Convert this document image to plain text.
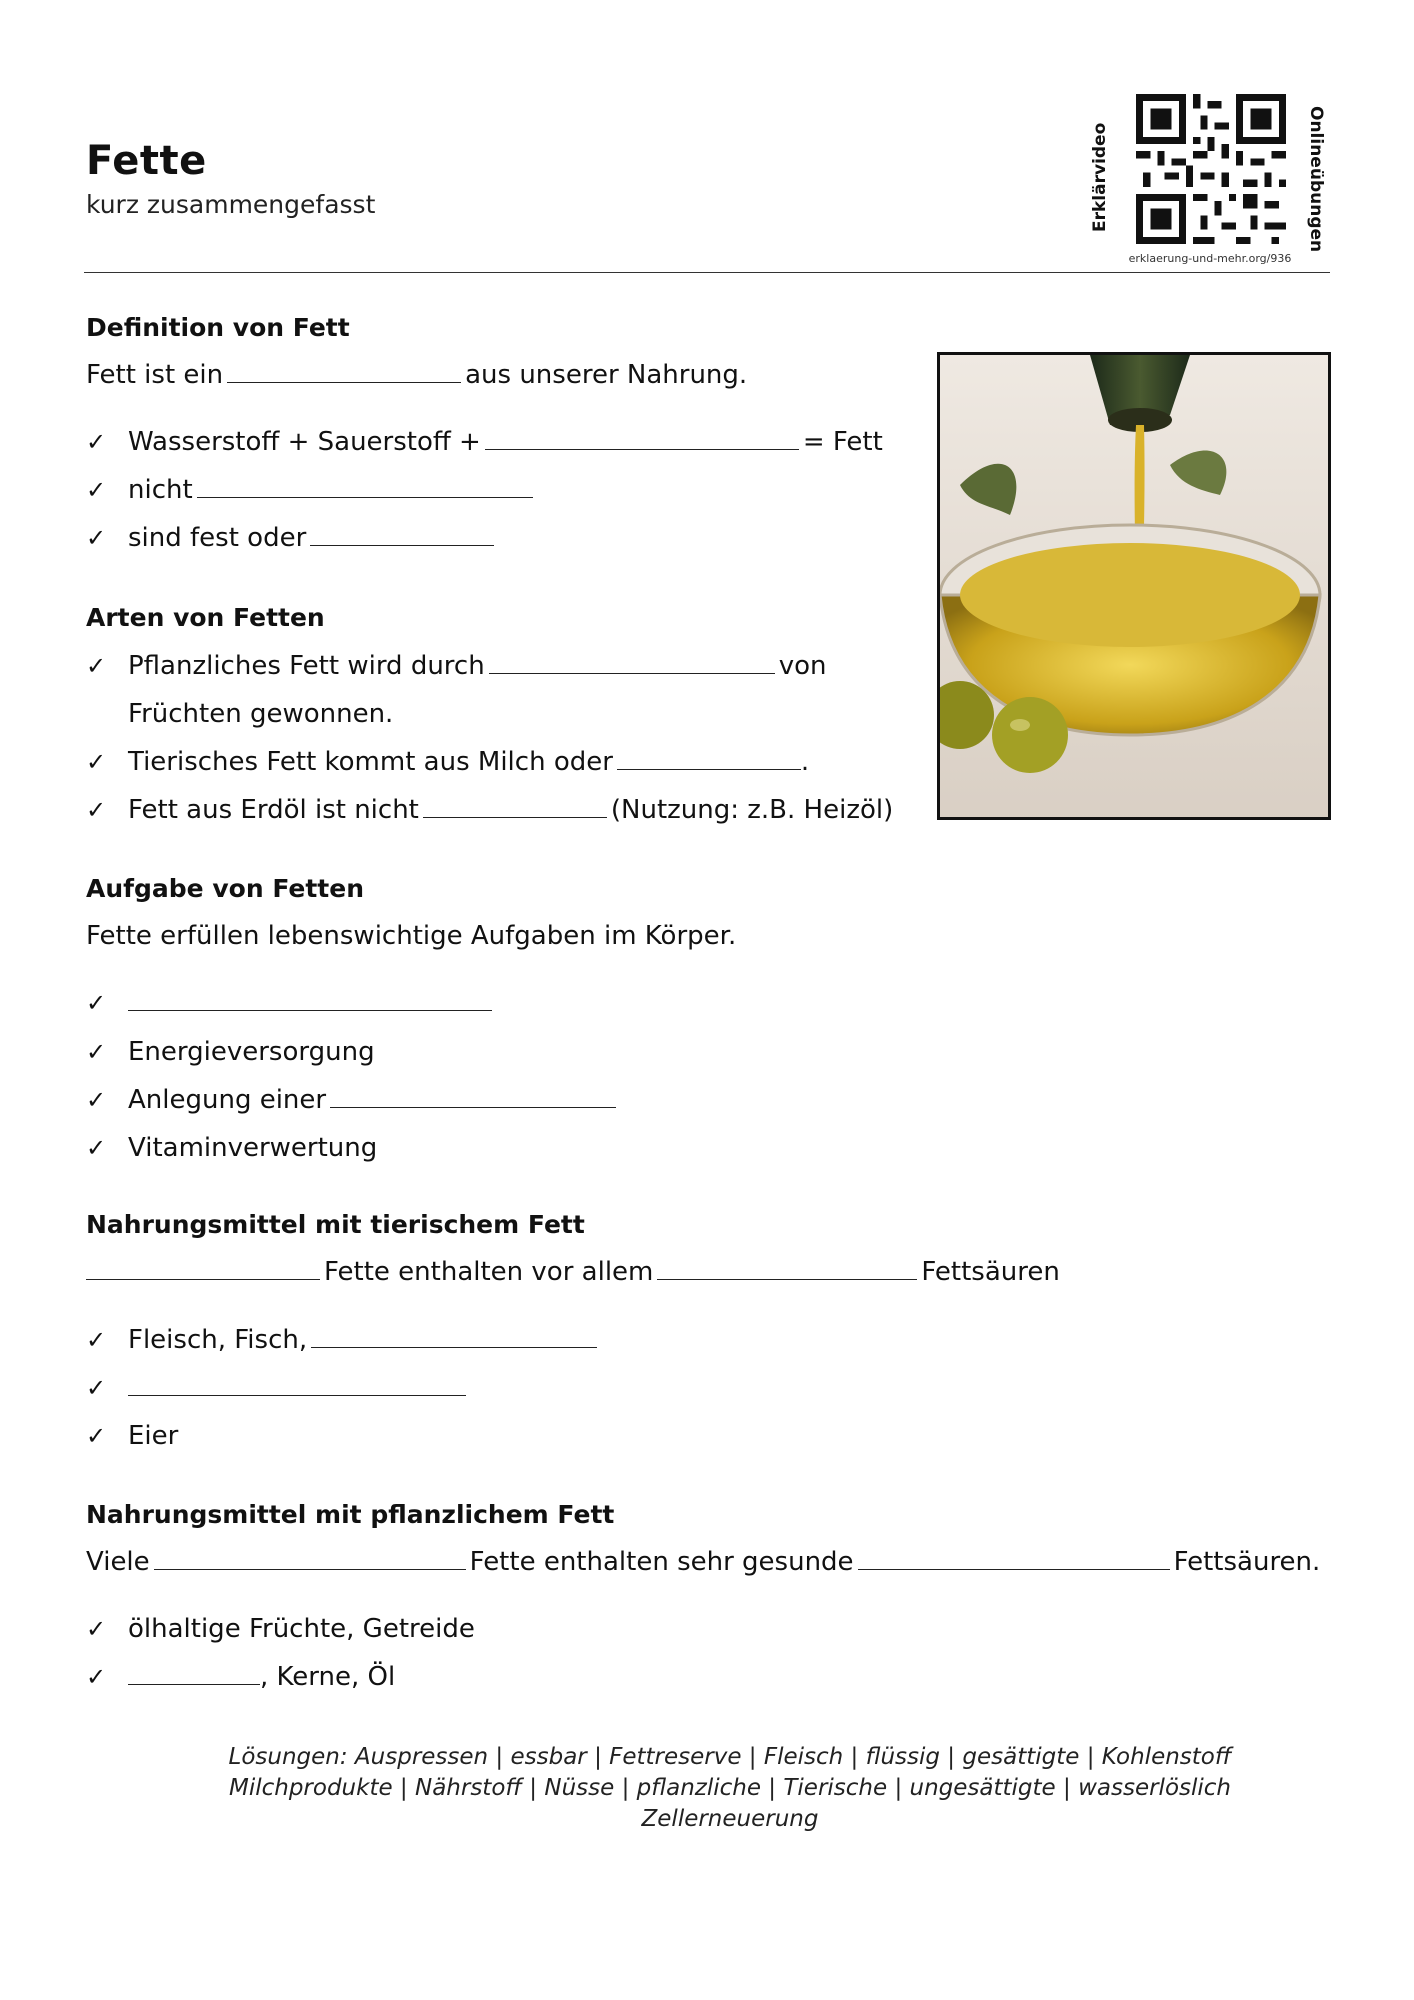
Fette
kurz zusammengefasst	Erklärvideo	Onlineübungen
erklaerung-und-mehr.org/936
Definition von Fett
Fett ist ein	aus unserer Nahrung.
✓ Wasserstoff + Sauerstoff +	= Fett
✓ nicht
✓ sind fest oder
Arten von Fetten
✓ Pflanzliches Fett wird durch	von
Früchten gewonnen.
✓ Tierisches Fett kommt aus Milch oder	.
✓ Fett aus Erdöl ist nicht	(Nutzung: z.B. Heizöl)
Aufgabe von Fetten
Fette erfüllen lebenswichtige Aufgaben im Körper.
✓
✓ Energieversorgung
✓ Anlegung einer
✓ Vitaminverwertung
Nahrungsmittel mit tierischem Fett
Fette enthalten vor allem	Fettsäuren
✓ Fleisch, Fisch,
✓
✓ Eier
Nahrungsmittel mit pflanzlichem Fett
Viele	Fette enthalten sehr gesunde	Fettsäuren.
✓ ölhaltige Früchte, Getreide
✓	, Kerne, Öl
Lösungen: Auspressen | essbar | Fettreserve | Fleisch | flüssig | gesättigte | Kohlenstoff
Milchprodukte | Nährstoff | Nüsse | pflanzliche | Tierische | ungesättigte | wasserlöslich
Zellerneuerung
